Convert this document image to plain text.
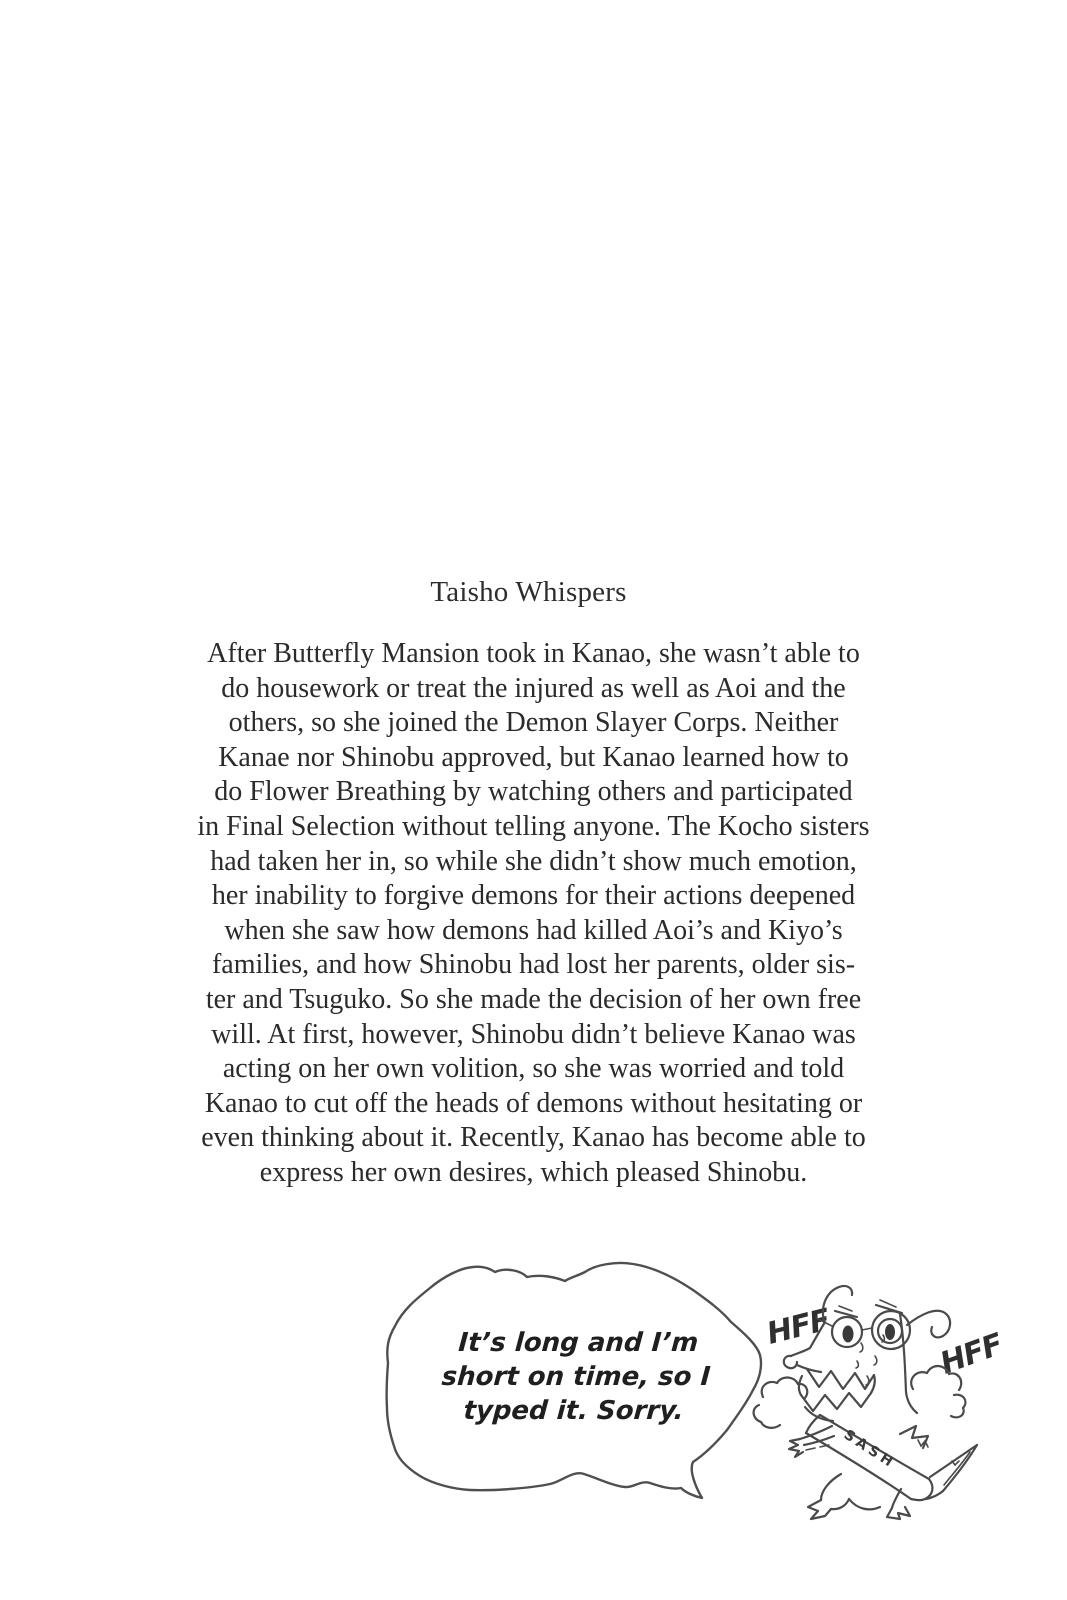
Taisho Whispers
After Butterfly Mansion took in Kanao, she wasn’t able to
do housework or treat the injured as well as Aoi and the
others, so she joined the Demon Slayer Corps. Neither
Kanae nor Shinobu approved, but Kanao learned how to
do Flower Breathing by watching others and participated
in Final Selection without telling anyone. The Kocho sisters
had taken her in, so while she didn’t show much emotion,
her inability to forgive demons for their actions deepened
when she saw how demons had killed Aoi’s and Kiyo’s
families, and how Shinobu had lost her parents, older sis-
ter and Tsuguko. So she made the decision of her own free
will. At first, however, Shinobu didn’t believe Kanao was
acting on her own volition, so she was worried and told
Kanao to cut off the heads of demons without hesitating or
even thinking about it. Recently, Kanao has become able to
express her own desires, which pleased Shinobu.
It’s long and I’m
short on time, so I
typed it. Sorry.
HFF	HFF
SASH
